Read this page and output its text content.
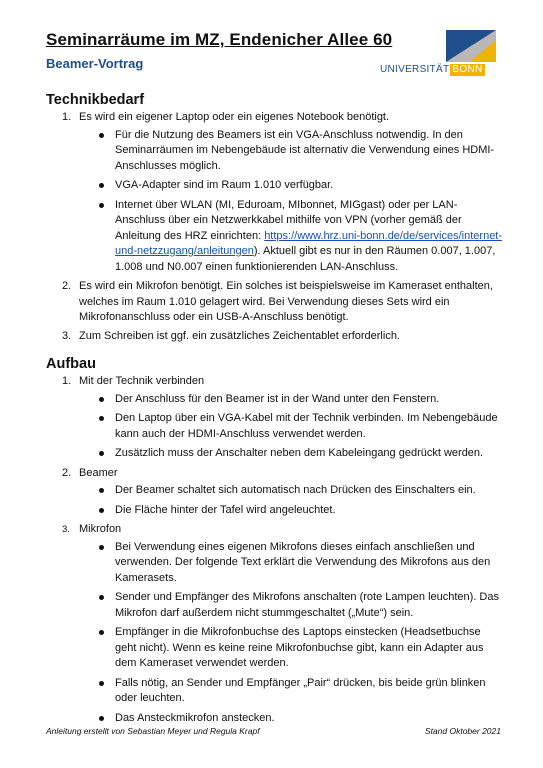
Seminarräume im MZ, Endenicher Allee 60
Beamer-Vortrag	UNIVERSITÄT BONN
Technikbedarf
1. Es wird ein eigener Laptop oder ein eigenes Notebook benötigt.
Für die Nutzung des Beamers ist ein VGA-Anschluss notwendig. In den Seminarräumen im Nebengebäude ist alternativ die Verwendung eines HDMI-Anschlusses möglich.
VGA-Adapter sind im Raum 1.010 verfügbar.
Internet über WLAN (MI, Eduroam, MIbonnet, MIGgast) oder per LAN-Anschluss über ein Netzwerkkabel mithilfe von VPN (vorher gemäß der Anleitung des HRZ einrichten: https://www.hrz.uni-bonn.de/de/services/internet-und-netzzugang/anleitungen). Aktuell gibt es nur in den Räumen 0.007, 1.007, 1.008 und N0.007 einen funktionierenden LAN-Anschluss.
2. Es wird ein Mikrofon benötigt. Ein solches ist beispielsweise im Kameraset enthalten, welches im Raum 1.010 gelagert wird. Bei Verwendung dieses Sets wird ein Mikrofonanschluss oder ein USB-A-Anschluss benötigt.
3. Zum Schreiben ist ggf. ein zusätzliches Zeichentablet erforderlich.
Aufbau
1. Mit der Technik verbinden
Der Anschluss für den Beamer ist in der Wand unter den Fenstern.
Den Laptop über ein VGA-Kabel mit der Technik verbinden. Im Nebengebäude kann auch der HDMI-Anschluss verwendet werden.
Zusätzlich muss der Anschalter neben dem Kabeleingang gedrückt werden.
2. Beamer
Der Beamer schaltet sich automatisch nach Drücken des Einschalters ein.
Die Fläche hinter der Tafel wird angeleuchtet.
3. Mikrofon
Bei Verwendung eines eigenen Mikrofons dieses einfach anschließen und verwenden. Der folgende Text erklärt die Verwendung des Mikrofons aus den Kamerasets.
Sender und Empfänger des Mikrofons anschalten (rote Lampen leuchten). Das Mikrofon darf außerdem nicht stummgeschaltet („Mute“) sein.
Empfänger in die Mikrofonbuchse des Laptops einstecken (Headsetbuchse geht nicht). Wenn es keine reine Mikrofonbuchse gibt, kann ein Adapter aus dem Kameraset verwendet werden.
Falls nötig, an Sender und Empfänger „Pair“ drücken, bis beide grün blinken oder leuchten.
Das Ansteckmikrofon anstecken.
Anleitung erstellt von Sebastian Meyer und Regula Krapf	Stand Oktober 2021
